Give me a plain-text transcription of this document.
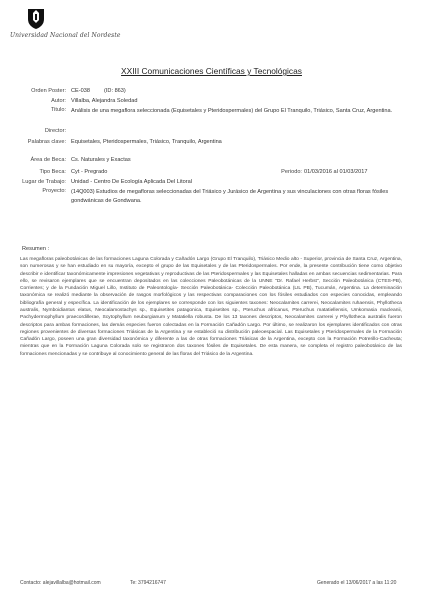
Universidad Nacional del Nordeste
XXIII Comunicaciones Científicas y Tecnológicas
Orden Poster: CE-038	(ID: 863)
Autor: Villalba, Alejandra Soledad
Titulo: Análisis de una megaflora seleccionada (Equisetales y Pteridospermales) del Grupo El Tranquilo, Triásico, Santa Cruz, Argentina.
Director:
Palabras clave: Equisetales, Pteridospermales, Triásico, Tranquilo, Argentina
Área de Beca: Cs. Naturales y Exactas
Tipo Beca: Cyt - Pregrado	Periodo: 01/03/2016 al 01/03/2017
Lugar de Trabajo: Unidad - Centro De Ecología Aplicada Del Litoral
Proyecto: (14Q003) Estudios de megafloras seleccionadas del Triásico y Jurásico de Argentina y sus vinculaciones con otras floras fósiles gondwánicas de Gondwana.
Resumen :
Las megafloras paleobotánicas de las formaciones Laguna Colorada y Cañadón Largo (Grupo El Tranquilo), Triásico Medio alto - Superior, provincia de Santa Cruz, Argentina, son numerosas y se han estudiado en su mayoría, excepto el grupo de las Equisetales y de las Pteridospermales. Por ende, la presente contribución tiene como objetivo describir e identificar taxonómicamente impresiones vegetativas y reproductivas de las Pteridospermales y las Equisetales halladas en ambas secuencias sedimentarias. Para ello, se revisaron ejemplares que se encuentran depositados en las colecciones Paleobotánicas de la UNNE "Dr. Rafael Herbst", Sección Paleobotánica (CTES-PB), Corrientes; y de la Fundación Miguel Lillo, Instituto de Paleontología- Sección Paleobotánica- Colección Paleobotánica (LIL PB), Tucumán, Argentina. La determinación taxonómica se realizó mediante la observación de rasgos morfológicos y las respectivas comparaciones con los fósiles estudiados con especies conocidas, empleando bibliografía general y específica. La identificación de los ejemplares se corresponde con los siguientes taxones: Neocalamites carrerei, Neocalamites ruhaensis, Phyllotheca australis, Nymboidiantus elatus, Neocalamostachys sp., Equisetites patagonica, Equisetites sp., Pteruchus africanus, Pteruchus matatiellensis, Umkomasia macleanii, Pachydermophyllum praecordillerae, Scytophyllum neuburgianum y Matatiella robusta. De los 13 taxones descriptos, Neocalamites carrerei y Phyllotheca australis fueron descriptos para ambas formaciones, las demás especies fueron colectadas en la Formación Cañadón Largo. Por último, se realizaron los ejemplares identificados con otras regiones provenientes de diversas formaciones Triásicas de la Argentina y se estableció su distribución paleoespacial. Las Equisetales y Pteridospermales de la Formación Cañadón Largo, poseen una gran diversidad taxonómica y diferente a las de otras formaciones Triásicas de la Argentina, excepto con la Formación Potrerillo-Cacheuta; mientras que en la Formación Laguna Colorada solo se registraron dos taxones fósiles de Equisetales. De esta manera, se completa el registro paleobotánico de las formaciones mencionadas y se contribuye al conocimiento general de las floras del Triásico de la Argentina.
Contacto: alejavillalba@hotmail.com	Te: 3794216747	Generado el 13/06/2017 a las 11:20
